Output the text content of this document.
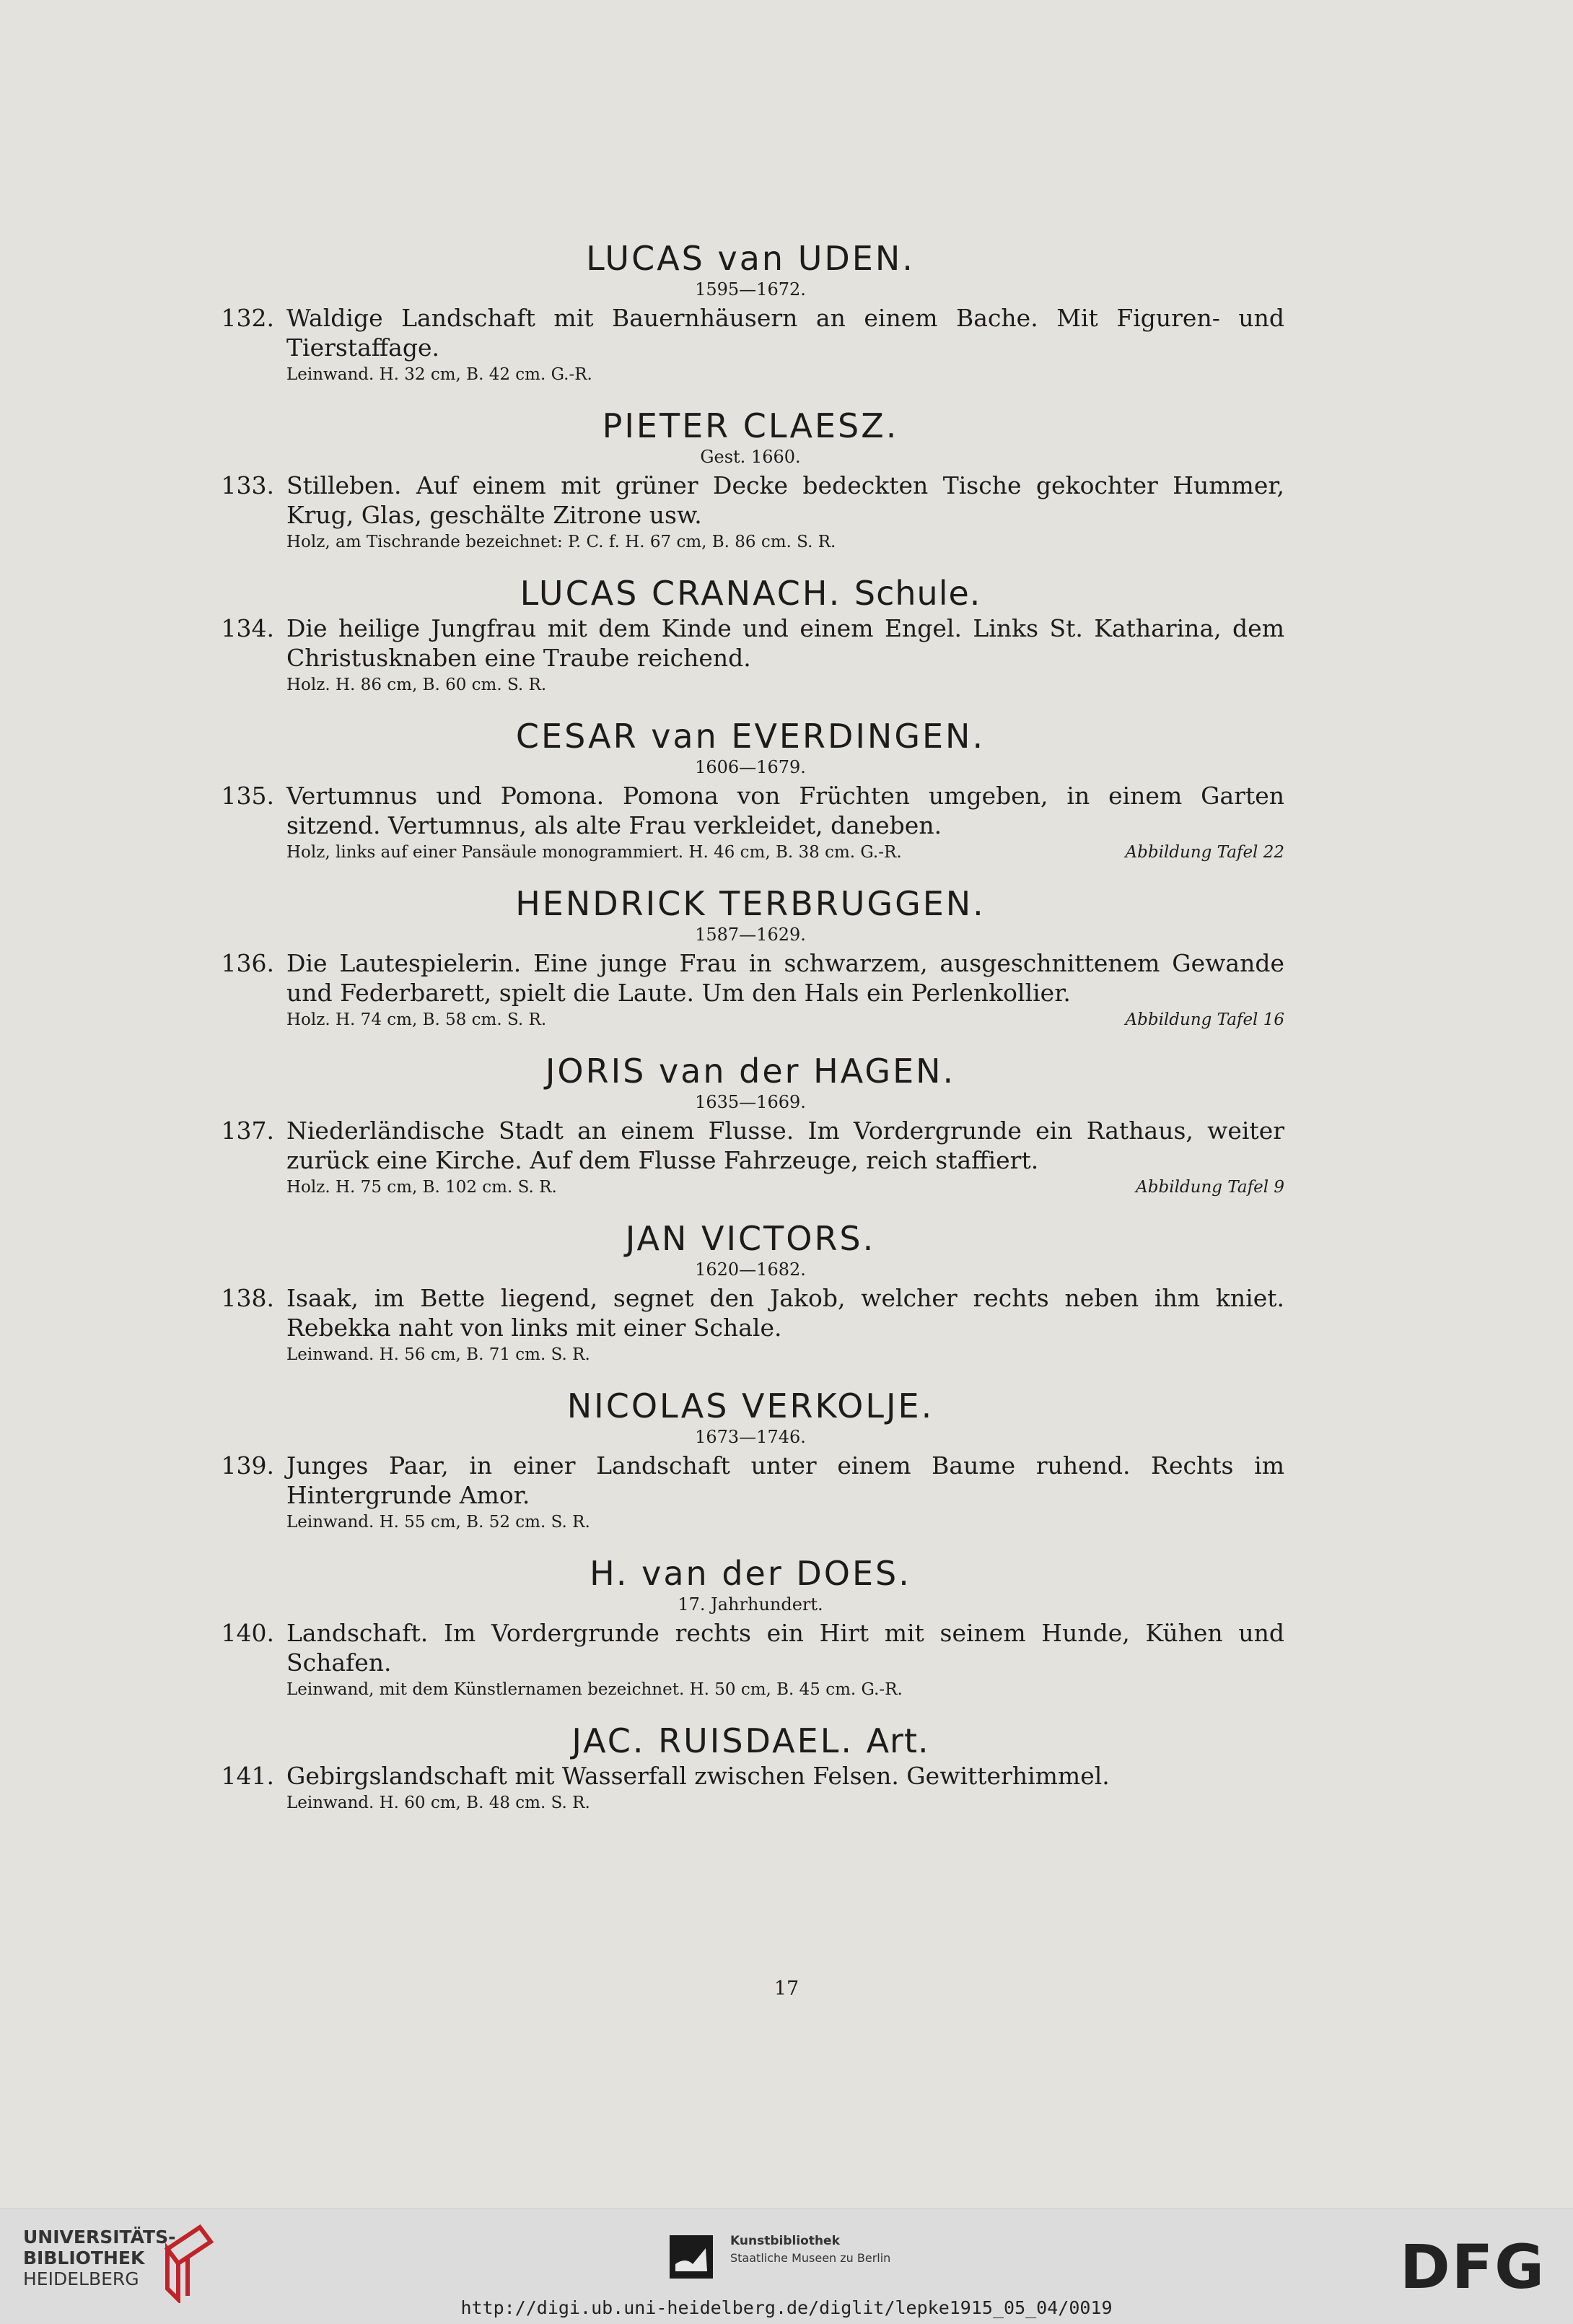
LUCAS van UDEN.
1595—1672.
132. Waldige Landschaft mit Bauernhäusern an einem Bache. Mit Figuren- und Tierstaffage.
Leinwand. H. 32 cm, B. 42 cm. G.-R.
PIETER CLAESZ.
Gest. 1660.
133. Stilleben. Auf einem mit grüner Decke bedeckten Tische gekochter Hummer, Krug, Glas, geschälte Zitrone usw.
Holz, am Tischrande bezeichnet: P. C. f. H. 67 cm, B. 86 cm. S. R.
LUCAS CRANACH. Schule.
134. Die heilige Jungfrau mit dem Kinde und einem Engel. Links St. Katharina, dem Christusknaben eine Traube reichend.
Holz. H. 86 cm, B. 60 cm. S. R.
CESAR van EVERDINGEN.
1606—1679.
135. Vertumnus und Pomona. Pomona von Früchten umgeben, in einem Garten sitzend. Vertumnus, als alte Frau verkleidet, daneben.
Holz, links auf einer Pansäule monogrammiert. H. 46 cm, B. 38 cm. G.-R.	Abbildung Tafel 22
HENDRICK TERBRUGGEN.
1587—1629.
136. Die Lautespielerin. Eine junge Frau in schwarzem, ausgeschnittenem Gewande und Federbarett, spielt die Laute. Um den Hals ein Perlenkollier.
Holz. H. 74 cm, B. 58 cm. S. R.	Abbildung Tafel 16
JORIS van der HAGEN.
1635—1669.
137. Niederländische Stadt an einem Flusse. Im Vordergrunde ein Rathaus, weiter zurück eine Kirche. Auf dem Flusse Fahrzeuge, reich staffiert.
Holz. H. 75 cm, B. 102 cm. S. R.	Abbildung Tafel 9
JAN VICTORS.
1620—1682.
138. Isaak, im Bette liegend, segnet den Jakob, welcher rechts neben ihm kniet. Rebekka naht von links mit einer Schale.
Leinwand. H. 56 cm, B. 71 cm. S. R.
NICOLAS VERKOLJE.
1673—1746.
139. Junges Paar, in einer Landschaft unter einem Baume ruhend. Rechts im Hintergrunde Amor.
Leinwand. H. 55 cm, B. 52 cm. S. R.
H. van der DOES.
17. Jahrhundert.
140. Landschaft. Im Vordergrunde rechts ein Hirt mit seinem Hunde, Kühen und Schafen.
Leinwand, mit dem Künstlernamen bezeichnet. H. 50 cm, B. 45 cm. G.-R.
JAC. RUISDAEL. Art.
141. Gebirgslandschaft mit Wasserfall zwischen Felsen. Gewitterhimmel.
Leinwand. H. 60 cm, B. 48 cm. S. R.
17
UNIVERSITÄTS-
BIBLIOTHEK
HEIDELBERG
Kunstbibliothek
Staatliche Museen zu Berlin	DFG
http://digi.ub.uni-heidelberg.de/diglit/lepke1915_05_04/0019
